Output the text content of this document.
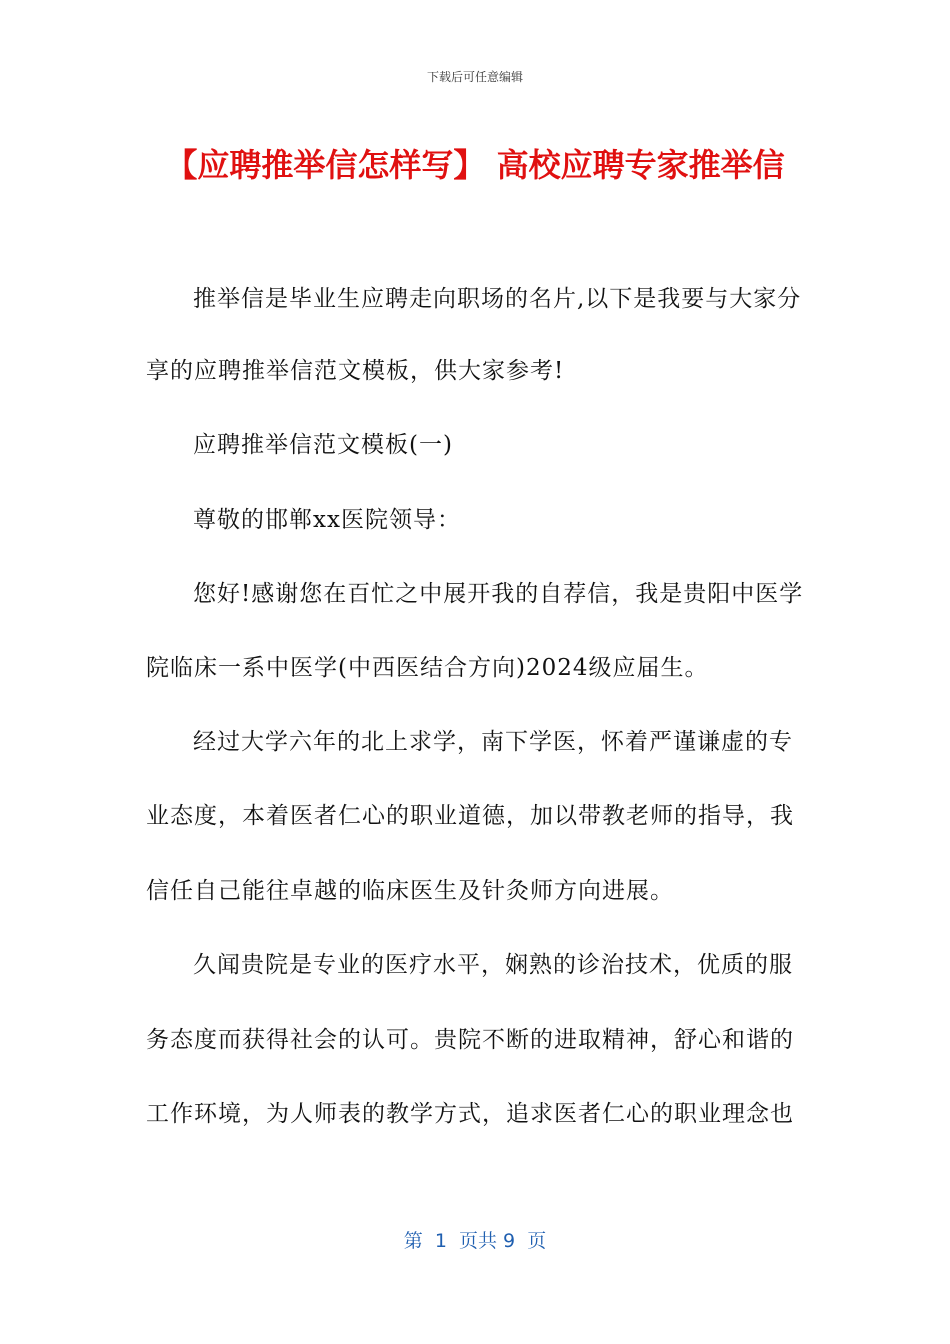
下载后可任意编辑
【应聘推举信怎样写】 高校应聘专家推举信
推举信是毕业生应聘走向职场的名片,以下是我要与大家分
享的应聘推举信范文模板，供大家参考!
应聘推举信范文模板(一)
尊敬的邯郸xx医院领导：
您好!感谢您在百忙之中展开我的自荐信，我是贵阳中医学
院临床一系中医学(中西医结合方向)2024级应届生。
经过大学六年的北上求学，南下学医，怀着严谨谦虚的专
业态度，本着医者仁心的职业道德，加以带教老师的指导，我
信任自己能往卓越的临床医生及针灸师方向进展。
久闻贵院是专业的医疗水平，娴熟的诊治技术，优质的服
务态度而获得社会的认可。贵院不断的进取精神，舒心和谐的
工作环境，为人师表的教学方式，追求医者仁心的职业理念也
第  1  页共 9  页
